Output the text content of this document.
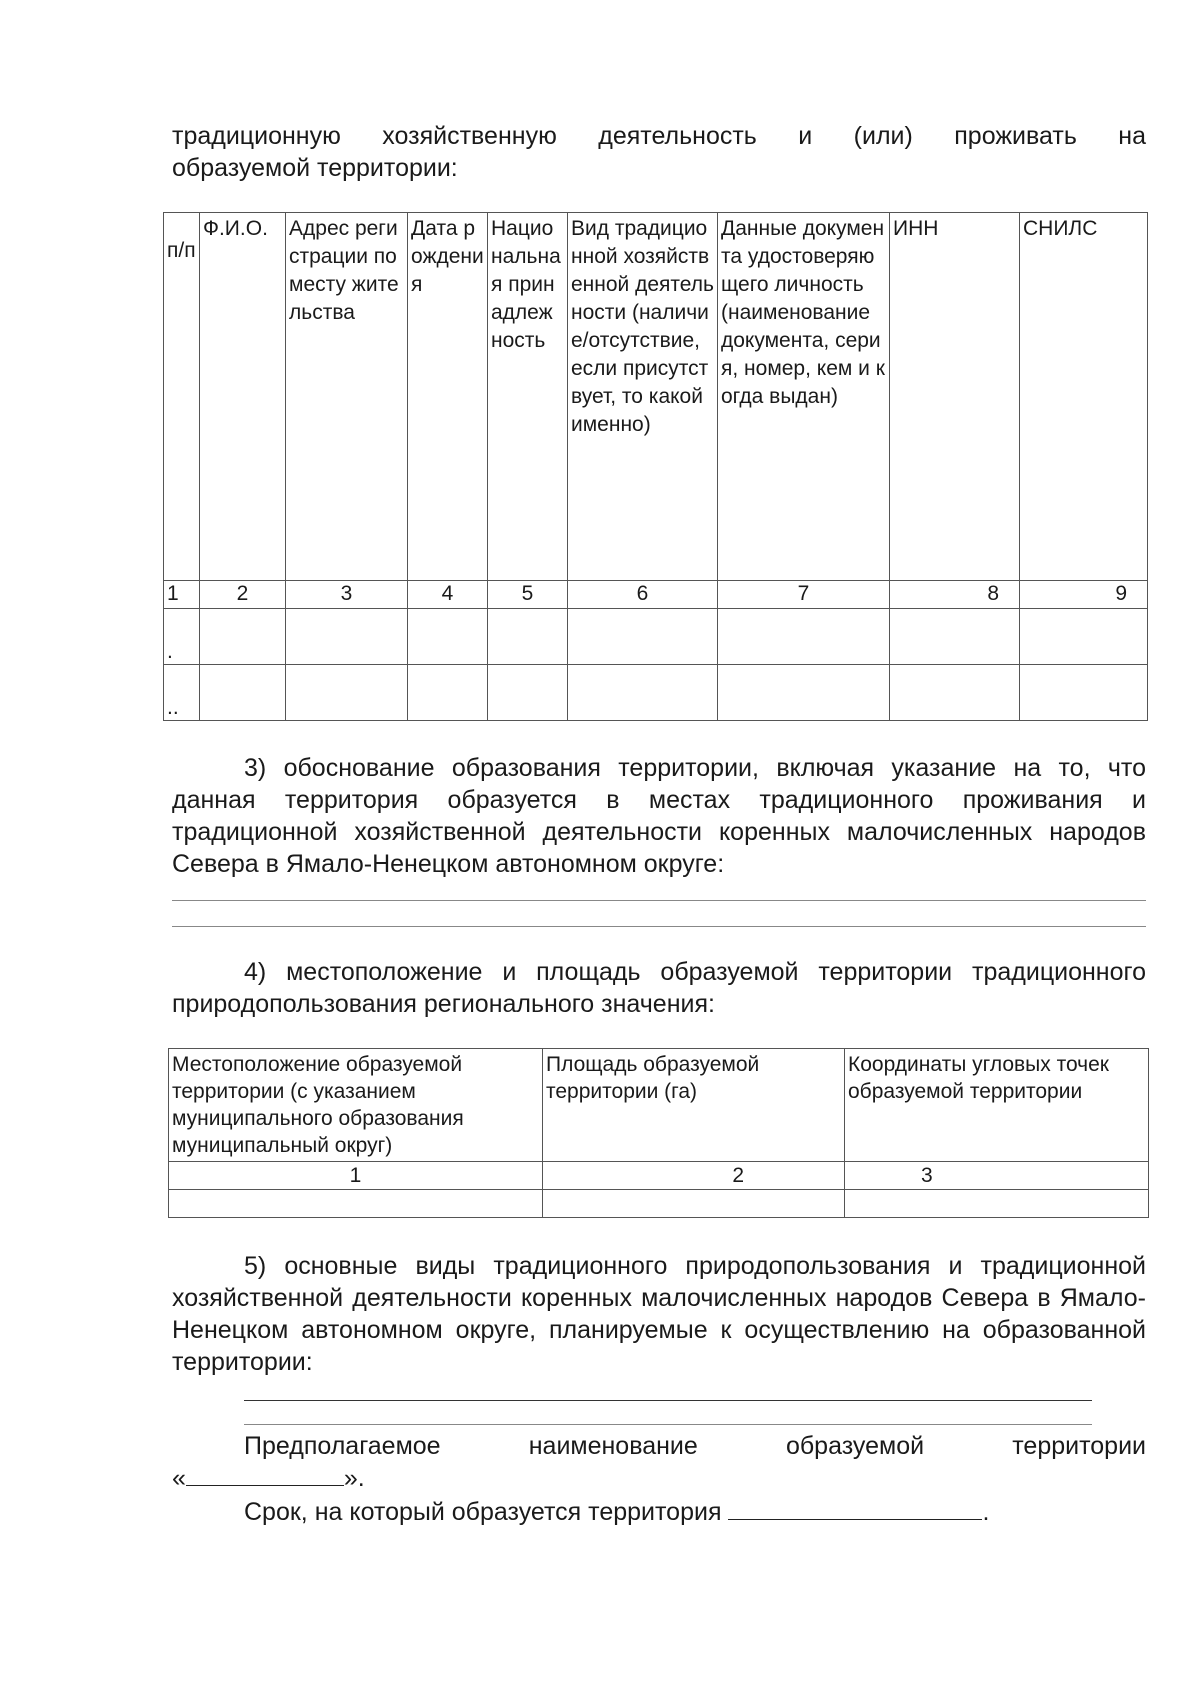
традиционную хозяйственную деятельность и (или) проживать на

образуемой территории:

п/п	Ф.И.О.	Адрес регистрации по месту жительства	Дата рождения	Национальная принадлежность	Вид традиционной хозяйственной деятельности (наличие/отсутствие, если присутствует, то какой именно)	Данные документа удостоверяющего личность (наименование документа, серия, номер, кем и когда выдан)	ИНН	СНИЛС
1	2	3	4	5	6	7	8	9
.								
..								

3) обоснование образования территории, включая указание на то, что данная территория образуется в местах традиционного проживания и традиционной хозяйственной деятельности коренных малочисленных народов Севера в Ямало-Ненецком автономном округе:

4) местоположение и площадь образуемой территории традиционного природопользования регионального значения:

Местоположение образуемой территории (с указанием муниципального образования муниципальный округ)	Площадь образуемой территории (га)	Координаты угловых точек образуемой территории
1	2	3

5) основные виды традиционного природопользования и традиционной хозяйственной деятельности коренных малочисленных народов Севера в Ямало-Ненецком автономном округе, планируемые к осуществлению на образованной территории:

Предполагаемое наименование образуемой территории

«	».
Срок, на который образуется территория	.
